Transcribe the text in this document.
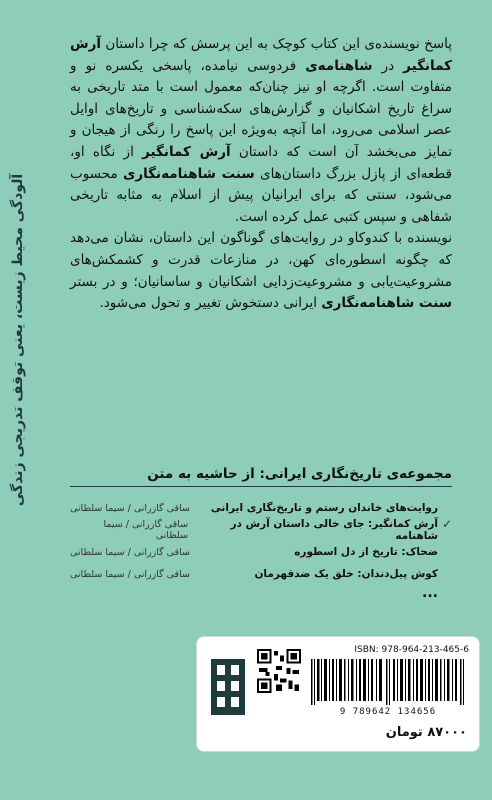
آلودگی محیط زیست، یعنی توقف تدریجی زندگی

پاسخ نویسنده‌ی این کتاب کوچک به این پرسش که چرا داستان آرش کمانگیر در شاهنامه‌ی فردوسی نیامده، پاسخی یکسره نو و متفاوت است. اگرچه او نیز چنان‌که معمول است با متد تاریخی به سراغ تاریخ اشکانیان و گزارش‌های سکه‌شناسی و تاریخ‌های اوایل عصر اسلامی می‌رود، اما آنچه به‌ویژه این پاسخ را رنگی از هیجان و تمایز می‌بخشد آن است که داستان آرش کمانگیر از نگاه او، قطعه‌ای از پازل بزرگ داستان‌های سنت شاهنامه‌نگاری محسوب می‌شود، سنتی که برای ایرانیان پیش از اسلام به مثابه تاریخی شفاهی و سپس کتبی عمل کرده است.

نویسنده با کندوکاو در روایت‌های گوناگون این داستان، نشان می‌دهد که چگونه اسطوره‌ای کهن، در منازعات قدرت و کشمکش‌های مشروعیت‌یابی و مشروعیت‌زدایی اشکانیان و ساسانیان؛ و در بستر سنت شاهنامه‌نگاری ایرانی دستخوش تغییر و تحول می‌شود.

مجموعه‌ی تاریخ‌نگاری ایرانی: از حاشیه به متن
روایت‌های خاندان رستم و تاریخ‌نگاری ایرانی
ساقی گازرانی / سیما سلطانی
✓
آرش کمانگیر: جای خالی داستان آرش در شاهنامه
ساقی گازرانی / سیما سلطانی
ضحاک: تاریخ از دل اسطوره
ساقی گازرانی / سیما سلطانی
کوش پیل‌دندان: خلق یک ضدقهرمان
ساقی گازرانی / سیما سلطانی
...
ISBN: 978-964-213-465-6
9 789642 134656
۸۷۰۰۰ تومان
